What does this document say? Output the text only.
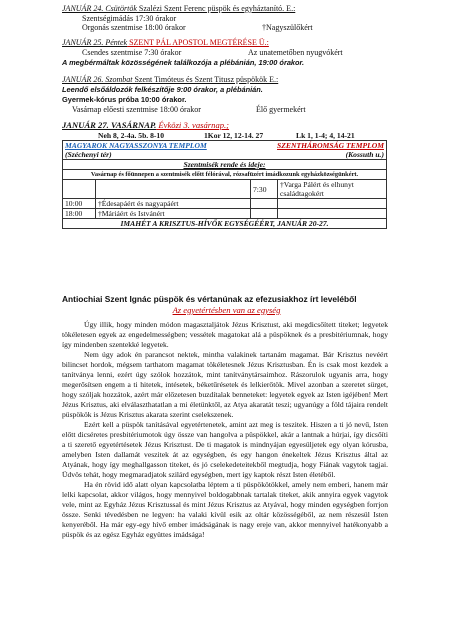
JANUÁR 24. Csütörtök Szalézi Szent Ferenc püspök és egyháztanító. E.:
Szentségimádás 17:30 órakor
Orgonás szentmise 18:00 órakor	†Nagyszülőkért
JANUÁR 25. Péntek SZENT PÁL APOSTOL MEGTÉRÉSE Ü.:
Csendes szentmise 7:30 órakor	Az unatemetőben nyugvókért
A megbérmáltak közösségének találkozója a plébánián, 19:00 órakor.
JANUÁR 26. Szombat Szent Timóteus és Szent Titusz püspökök E.:
Leendő elsőáldozók felkészítője 9:00 órakor, a plébánián.
Gyermek-kórus próba 10:00 órakor.
Vasárnap előesti szentmise 18:00 órakor	Élő gyermekért
JANUÁR 27. VASÁRNAP. Évközi 3. vasárnap.;
Neh 8, 2-4a. 5b. 8-10	1Kor 12, 12-14. 27	Lk 1, 1-4; 4, 14-21
MAGYAROK NAGYASSZONYA TEMPLOM SZENTHÁROMSÁG TEMPLOM			

(Széchenyi tér) (Kossuth u.)			

Szentmisék rende és ideje:			
Vasárnap és főünnepen a szentmisék előtt félórával, rózsafüzért imádkozunk egyházközségünkért.			
		7:30	†Varga Pálért és elhunyt családtagokért
10:00	†Édesapáért és nagyapáért		
18:00	†Máriáért és Istvánért		
IMAHÉT A KRISZTUS-HÍVŐK EGYSÉGÉÉRT, JANUÁR 20-27.			
Antiochiai Szent Ignác püspök és vértanúnak az efezusiakhoz írt leveléből
Az egyetértésben van az egység

Úgy illik, hogy minden módon magasztaljátok Jézus Krisztust, aki megdicsőített titeket; legyetek tökéletesen egyek az engedelmességben; vessétek magatokat alá a püspöknek és a presbitériumnak, hogy így mindenben szentekké legyetek.

Nem úgy adok én parancsot nektek, mintha valakinek tartanám magamat. Bár Krisztus nevéért bilincset hordok, mégsem tarthatom magamat tökéletesnek Jézus Krisztusban. Én is csak most kezdek a tanítványa lenni, ezért úgy szólok hozzátok, mint tanítványtársaimhoz. Rászorulok ugyanis arra, hogy megerősítsen engem a ti hitetek, intésetek, béketűrésetek és lelkierőtök. Mivel azonban a szeretet sürget, hogy szóljak hozzátok, azért már előzetesen buzdítalak benneteket: legyetek egyek az Isten igéjében! Mert Jézus Krisztus, aki elválaszthatatlan a mi életünktől, az Atya akaratát teszi; ugyanúgy a föld tájaira rendelt püspökök is Jézus Krisztus akarata szerint cselekszenek.

Ezért kell a püspök tanításával egyetértenetek, amint azt meg is teszitek. Hiszen a ti jó nevű, Isten előtt dicséretes presbitériumotok úgy össze van hangolva a püspökkel, akár a lantnak a húrjai, így dicsőíti a ti szerető egyetértésetek Jézus Krisztust. De ti magatok is mindnyájan egyesüljetek egy olyan kórusba, amelyben Isten dallamát veszitek át az egységben, és egy hangon énekeltek Jézus Krisztus által az Atyának, hogy így meghallgasson titeket, és jó cselekedeteitekből megtudja, hogy Fiának vagytok tagjai. Üdvös tehát, hogy megmaradjatok szilárd egységben, mert így kaptok részt Isten életéből.

Ha én rövid idő alatt olyan kapcsolatba léptem a ti püspökötökkel, amely nem emberi, hanem már lelki kapcsolat, akkor világos, hogy mennyivel boldogabbnak tartalak titeket, akik annyira egyek vagytok vele, mint az Egyház Jézus Krisztussal és mint Jézus Krisztus az Atyával, hogy minden egységben forrjon össze. Senki tévedésben ne legyen: ha valaki kívül esik az oltár közösségéből, az nem részesül Isten kenyeréből. Ha már egy-egy hívő ember imádságának is nagy ereje van, akkor mennyivel hatékonyabb a püspök és az egész Egyház együttes imádsága!
